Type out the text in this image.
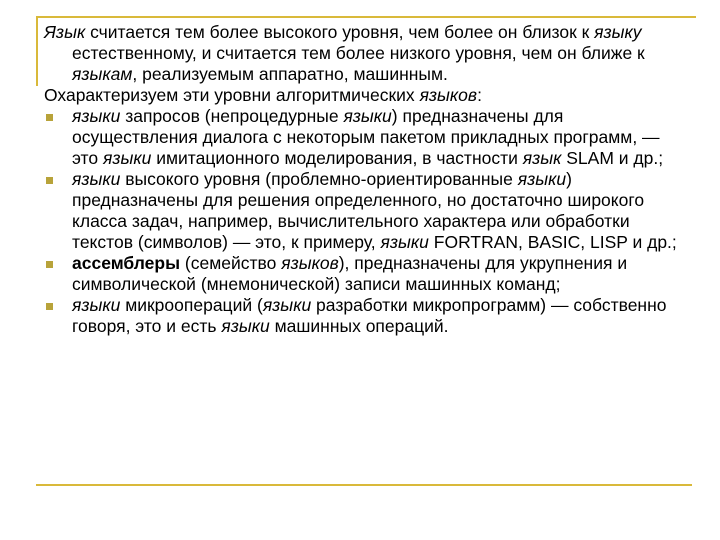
Язык считается тем более высокого уровня, чем более он близок к языку естественному, и считается тем более низкого уровня, чем он ближе к языкам, реализуемым аппаратно, машинным.

Охарактеризуем эти уровни алгоритмических языков:

языки запросов (непроцедурные языки) предназначены для осуществления диалога с некоторым пакетом прикладных программ, — это языки имитационного моделирования, в частности язык SLAM и др.;
языки высокого уровня (проблемно-ориентированные языки) предназначены для решения определенного, но достаточно широкого класса задач, например, вычислительного характера или обработки текстов (символов) — это, к примеру, языки FORTRAN, BASIC, LISP и др.;
ассемблеры (семейство языков), предназначены для укрупнения и символической (мнемонической) записи машинных команд;
языки микроопераций (языки разработки микропрограмм) — собственно говоря, это и есть языки машинных операций.
